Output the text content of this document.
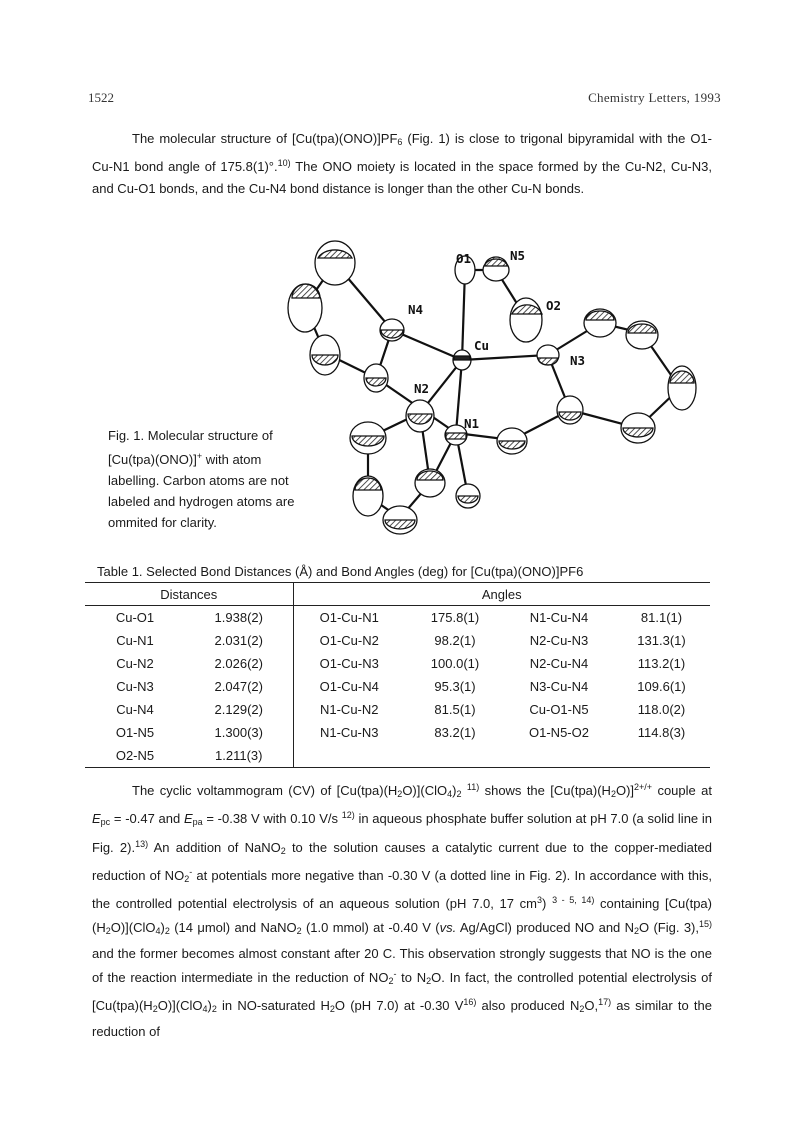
1522	Chemistry Letters, 1993

The molecular structure of $[Cu(tpa)(ONO)]PF_6$ (Fig. 1) is close to trigonal bipyramidal with the O1-Cu-N1 bond angle of 175.8(1)°.$^{10)}$ The ONO moiety is located in the space formed by the Cu-N2, Cu-N3, and Cu-O1 bonds, and the Cu-N4 bond distance is longer than the other Cu-N bonds.

O1	N5
O2
N4
Cu
N3
N2
N1
Fig. 1. Molecular structure of [Cu(tpa)(ONO)]+ with atom labelling. Carbon atoms are not labeled and hydrogen atoms are ommited for clarity.
Table 1. Selected Bond Distances (Å) and Bond Angles (deg) for [Cu(tpa)(ONO)]PF6
Distances		Angles			
Cu-O1	1.938(2)	O1-Cu-N1	175.8(1)	N1-Cu-N4	81.1(1)
Cu-N1	2.031(2)	O1-Cu-N2	98.2(1)	N2-Cu-N3	131.3(1)
Cu-N2	2.026(2)	O1-Cu-N3	100.0(1)	N2-Cu-N4	113.2(1)
Cu-N3	2.047(2)	O1-Cu-N4	95.3(1)	N3-Cu-N4	109.6(1)
Cu-N4	2.129(2)	N1-Cu-N2	81.5(1)	Cu-O1-N5	118.0(2)
O1-N5	1.300(3)	N1-Cu-N3	83.2(1)	O1-N5-O2	114.8(3)
O2-N5	1.211(3)				

The cyclic voltammogram (CV) of $[Cu(tpa)(H_2O)](ClO_4)_2$ $^{11)}$ shows the $[Cu(tpa)(H_2O)]^{2+/+}$ couple at $E_{pc} = -0.47$ and $E_{pa} = -0.38$ V with 0.10 V/s $^{12)}$ in aqueous phosphate buffer solution at pH 7.0 (a solid line in Fig. 2).$^{13)}$ An addition of NaNO$_2$ to the solution causes a catalytic current due to the copper-mediated reduction of $NO_2^-$ at potentials more negative than -0.30 V (a dotted line in Fig. 2). In accordance with this, the controlled potential electrolysis of an aqueous solution (pH 7.0, 17 $cm^3$) $^{3 - 5, 14)}$ containing $[Cu(tpa)(H_2O)](ClO_4)_2$ (14 μmol) and NaNO$_2$ (1.0 mmol) at -0.40 V (vs. Ag/AgCl) produced NO and $N_2O$ (Fig. 3),$^{15)}$ and the former becomes almost constant after 20 C. This observation strongly suggests that NO is the one of the reaction intermediate in the reduction of $NO_2^-$ to $N_2O$. In fact, the controlled potential electrolysis of $[Cu(tpa)(H_2O)](ClO_4)_2$ in NO-saturated $H_2O$ (pH 7.0) at -0.30 $V^{16)}$ also produced $N_2O,^{17)}$ as similar to the reduction of
